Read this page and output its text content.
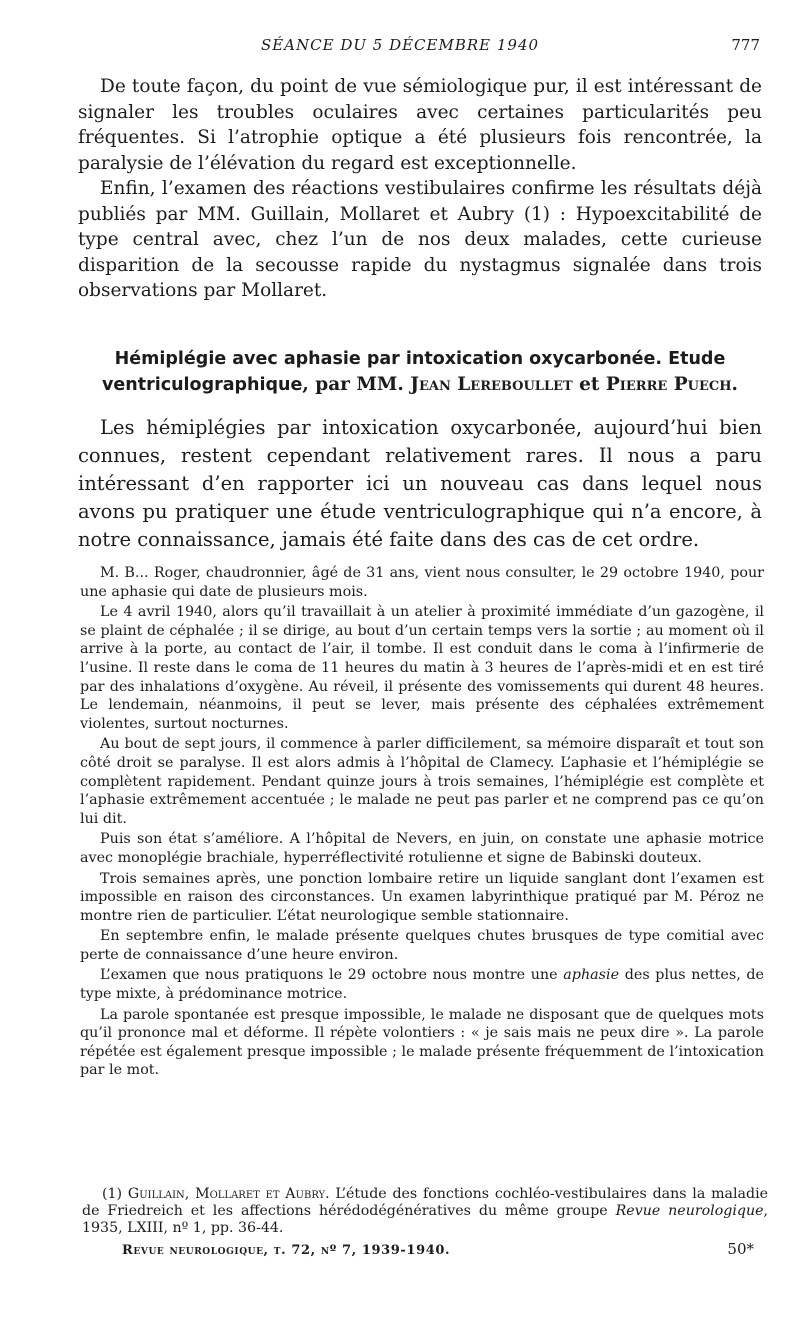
SÉANCE DU 5 DÉCEMBRE 1940	777

De toute façon, du point de vue sémiologique pur, il est intéressant de signaler les troubles oculaires avec certaines particularités peu fréquentes. Si l’atrophie optique a été plusieurs fois rencontrée, la paralysie de l’élévation du regard est exceptionnelle.

Enfin, l’examen des réactions vestibulaires confirme les résultats déjà publiés par MM. Guillain, Mollaret et Aubry (1) : Hypoexcitabilité de type central avec, chez l’un de nos deux malades, cette curieuse disparition de la secousse rapide du nystagmus signalée dans trois observations par Mollaret.

Hémiplégie avec aphasie par intoxication oxycarbonée. Etude ventriculographique, par MM. Jean Lereboullet et Pierre Puech.

Les hémiplégies par intoxication oxycarbonée, aujourd’hui bien connues, restent cependant relativement rares. Il nous a paru intéressant d’en rapporter ici un nouveau cas dans lequel nous avons pu pratiquer une étude ventriculographique qui n’a encore, à notre connaissance, jamais été faite dans des cas de cet ordre.

M. B... Roger, chaudronnier, âgé de 31 ans, vient nous consulter, le 29 octobre 1940, pour une aphasie qui date de plusieurs mois.

Le 4 avril 1940, alors qu’il travaillait à un atelier à proximité immédiate d’un gazogène, il se plaint de céphalée ; il se dirige, au bout d’un certain temps vers la sortie ; au moment où il arrive à la porte, au contact de l’air, il tombe. Il est conduit dans le coma à l’infirmerie de l’usine. Il reste dans le coma de 11 heures du matin à 3 heures de l’après-midi et en est tiré par des inhalations d’oxygène. Au réveil, il présente des vomissements qui durent 48 heures. Le lendemain, néanmoins, il peut se lever, mais présente des céphalées extrêmement violentes, surtout nocturnes.

Au bout de sept jours, il commence à parler difficilement, sa mémoire disparaît et tout son côté droit se paralyse. Il est alors admis à l’hôpital de Clamecy. L’aphasie et l’hémiplégie se complètent rapidement. Pendant quinze jours à trois semaines, l’hémiplégie est complète et l’aphasie extrêmement accentuée ; le malade ne peut pas parler et ne comprend pas ce qu’on lui dit.

Puis son état s’améliore. A l’hôpital de Nevers, en juin, on constate une aphasie motrice avec monoplégie brachiale, hyperréflectivité rotulienne et signe de Babinski douteux.

Trois semaines après, une ponction lombaire retire un liquide sanglant dont l’examen est impossible en raison des circonstances. Un examen labyrinthique pratiqué par M. Péroz ne montre rien de particulier. L’état neurologique semble stationnaire.

En septembre enfin, le malade présente quelques chutes brusques de type comitial avec perte de connaissance d’une heure environ.

L’examen que nous pratiquons le 29 octobre nous montre une aphasie des plus nettes, de type mixte, à prédominance motrice.

La parole spontanée est presque impossible, le malade ne disposant que de quelques mots qu’il prononce mal et déforme. Il répète volontiers : « je sais mais ne peux dire ». La parole répétée est également presque impossible ; le malade présente fréquemment de l’intoxication par le mot.

(1) Guillain, Mollaret et Aubry. L’étude des fonctions cochléo-vestibulaires dans la maladie de Friedreich et les affections hérédodégénératives du même groupe Revue neurologique, 1935, LXIII, nº 1, pp. 36-44.

Revue neurologique, t. 72, nº 7, 1939-1940.	50*
